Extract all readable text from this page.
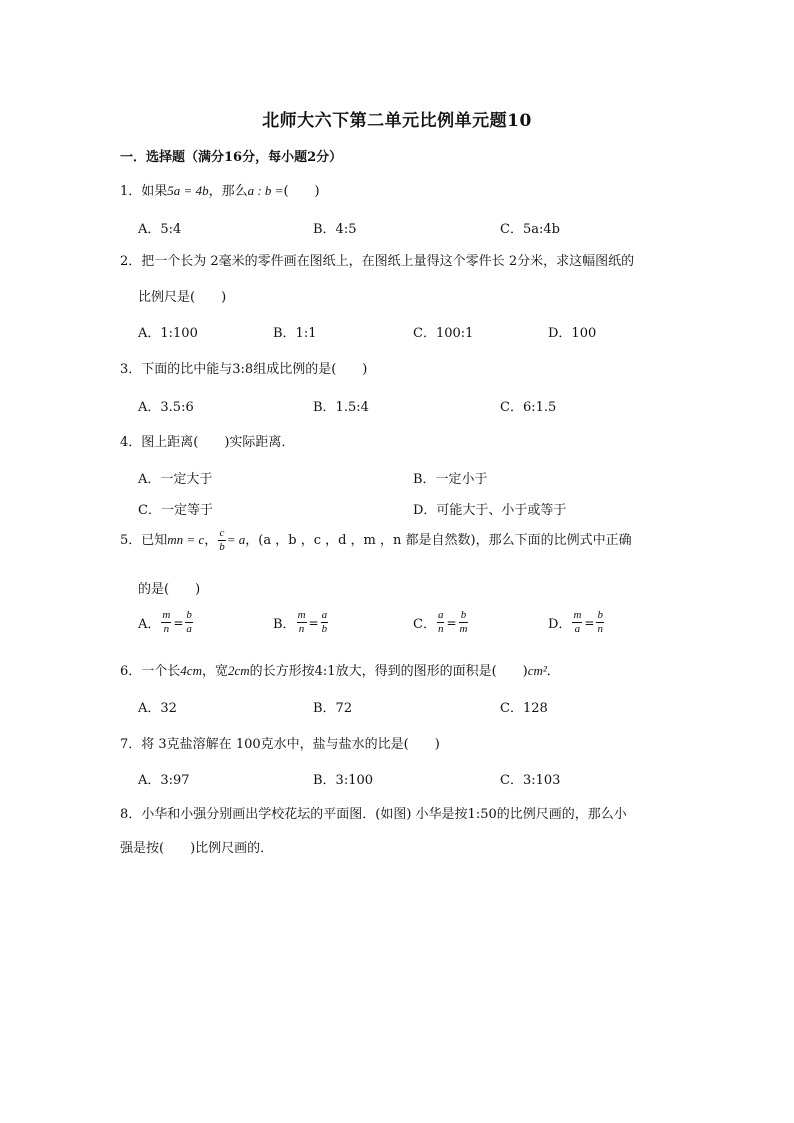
北师大六下第二单元比例单元题10
一．选择题（满分16分，每小题2分）
1．如果5a = 4b，那么a : b =(　　)
A．5:4	B．4:5	C．5a:4b
2．把一个长为 2毫米的零件画在图纸上，在图纸上量得这个零件长 2分米，求这幅图纸的
比例尺是(　　)
A．1:100	B．1:1	C．100:1	D．100
3．下面的比中能与3:8组成比例的是(　　)
A．3.5:6	B．1.5:4	C．6:1.5
4．图上距离(　　)实际距离．
A．一定大于	B．一定小于
C．一定等于	D．可能大于、小于或等于
5．已知mn = c， $\frac{c}{b} = a$，(a ，b ，c ，d ，m ，n 都是自然数)，那么下面的比例式中正确
的是(　　)
A． $\frac{m}{n} = \frac{b}{a}$	B． $\frac{m}{n} = \frac{a}{b}$	C． $\frac{a}{n} = \frac{b}{m}$	D． $\frac{m}{a} = \frac{b}{n}$
6．一个长4cm，宽2cm的长方形按4:1放大，得到的图形的面积是(　　)cm²．
A．32	B．72	C．128
7．将 3克盐溶解在 100克水中，盐与盐水的比是(　　)
A．3:97	B．3:100	C．3:103
8．小华和小强分别画出学校花坛的平面图．(如图) 小华是按1:50的比例尺画的，那么小
强是按(　　)比例尺画的．
